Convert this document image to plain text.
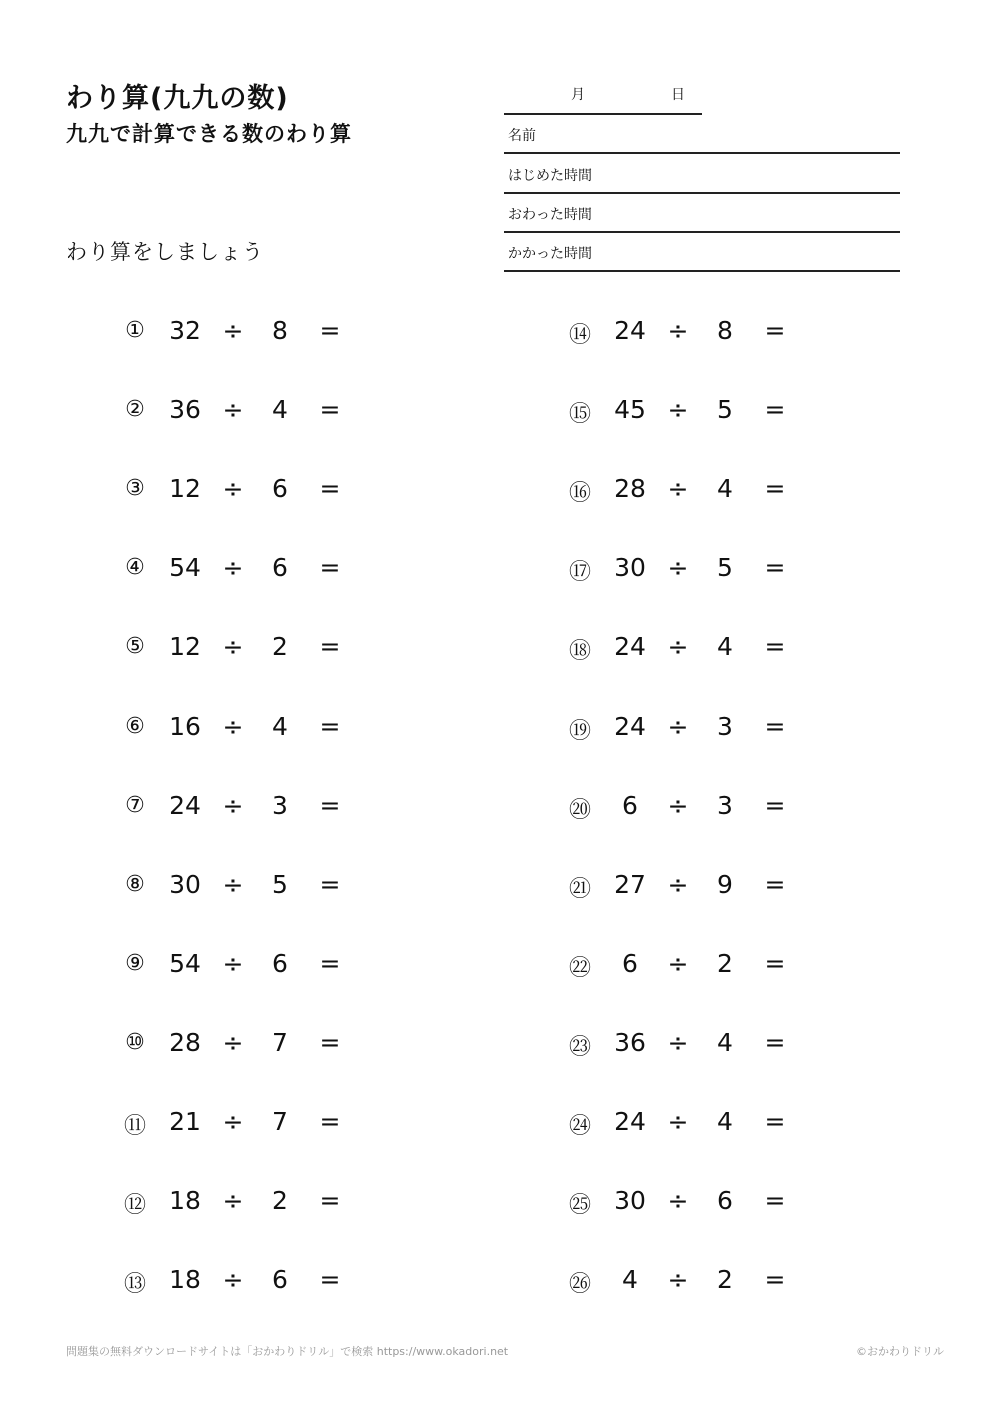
わり算(九九の数)
九九で計算できる数のわり算
わり算をしましょう
月	日
名前
はじめた時間
おわった時間
かかった時間
① 32 ÷	8	=
② 36 ÷	4	=
③ 12 ÷	6	=
④ 54 ÷	6	=
⑤ 12 ÷	2	=
⑥ 16 ÷	4	=
⑦ 24 ÷	3	=
⑧ 30 ÷	5	=
⑨ 54 ÷	6	=
⑩ 28 ÷	7	=
⑪ 21 ÷	7	=
⑫ 18 ÷	2	=
⑬ 18 ÷	6	=
⑭ 24 ÷	8	=
⑮ 45 ÷	5	=
⑯ 28 ÷	4	=
⑰ 30 ÷	5	=
⑱ 24 ÷	4	=
⑲ 24 ÷	3	=
⑳	6	÷	3	=
㉑ 27 ÷	9	=
㉒	6	÷	2	=
㉓ 36 ÷	4	=
㉔ 24 ÷	4	=
㉕ 30 ÷	6	=
㉖	4	÷	2	=
問題集の無料ダウンロードサイトは「おかわりドリル」で検索 https://www.okadori.net	©おかわりドリル
